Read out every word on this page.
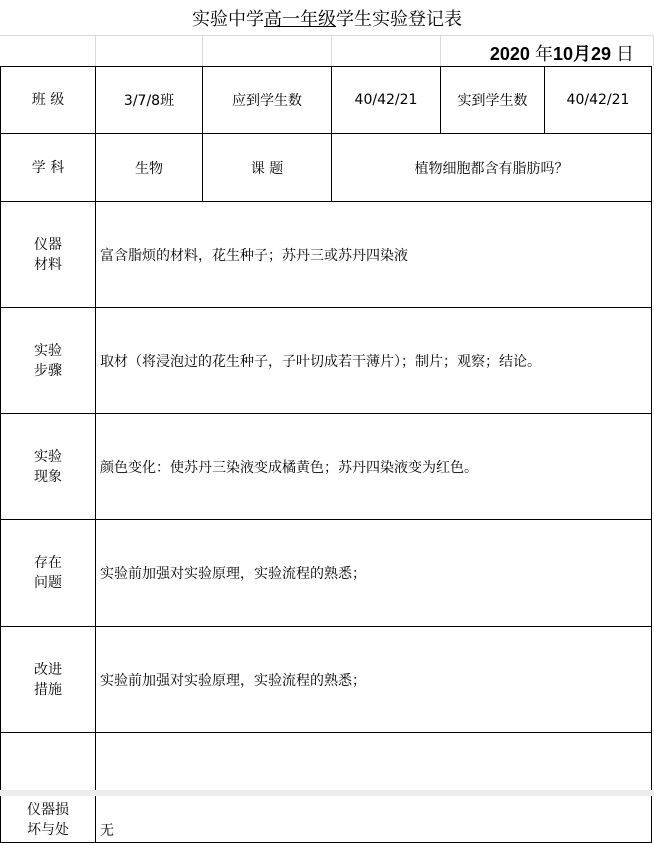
实验中学 高一年级 学生实验登记表
2020 年10月29 日
班 级	3/7/8班	应到学生数	40/42/21	实到学生数	40/42/21
学 科	生物	课 题	植物细胞都含有脂肪吗？		
仪器
材料	富含脂烦的材料，花生种子；苏丹三或苏丹四染液				
实验
步骤	取材（将浸泡过的花生种子，子叶切成若干薄片）；制片；观察；结论。				
实验
现象	颜色变化：使苏丹三染液变成橘黄色；苏丹四染液变为红色。				
存在
问题	实验前加强对实验原理，实验流程的熟悉；				
改进
措施	实验前加强对实验原理，实验流程的熟悉；				
仪器损
坏与处	无				
